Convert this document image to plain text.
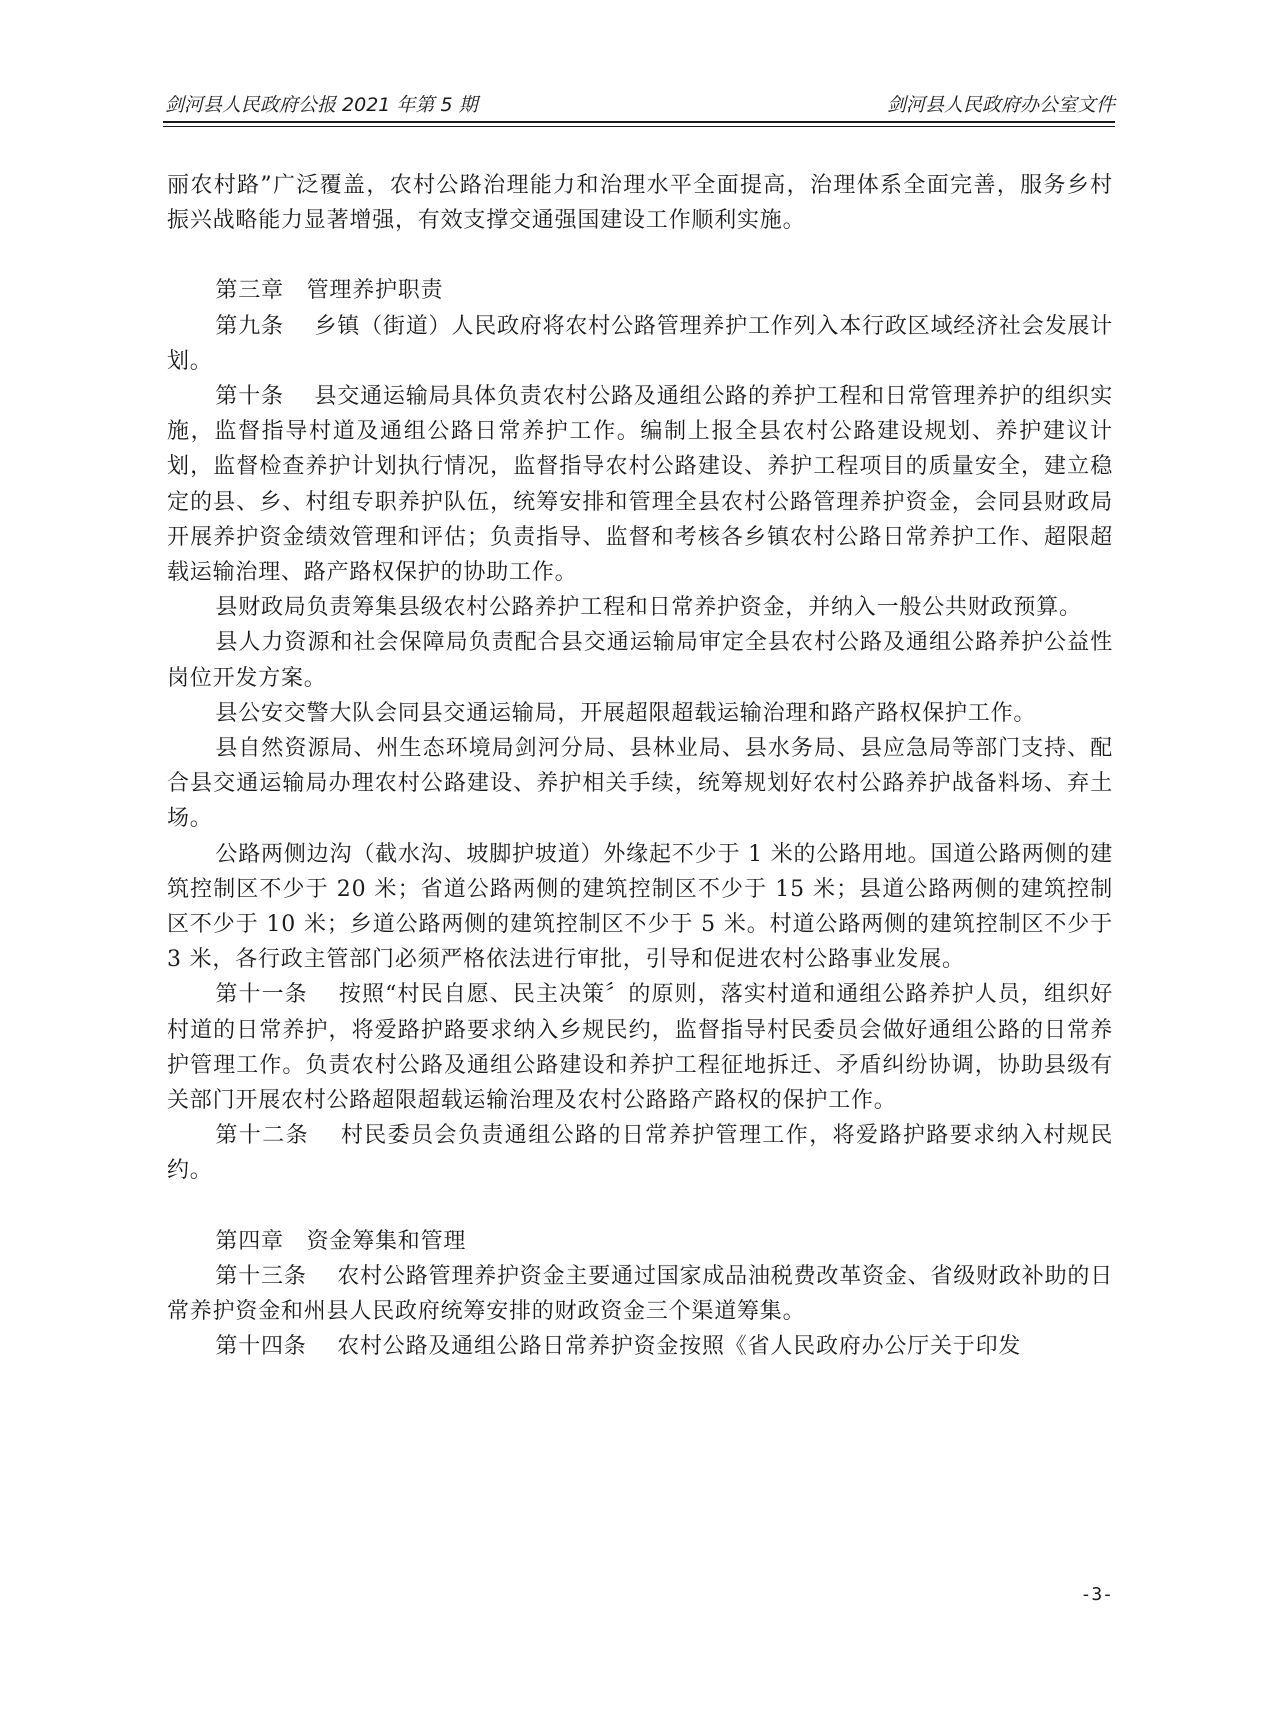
剑河县人民政府公报 2021 年第 5 期	剑河县人民政府办公室文件

丽农村路”广泛覆盖，农村公路治理能力和治理水平全面提高，治理体系全面完善，服务乡村振兴战略能力显著增强，有效支撑交通强国建设工作顺利实施。

第三章　管理养护职责

第九条　 乡镇（街道）人民政府将农村公路管理养护工作列入本行政区域经济社会发展计划。

第十条　 县交通运输局具体负责农村公路及通组公路的养护工程和日常管理养护的组织实施，监督指导村道及通组公路日常养护工作。编制上报全县农村公路建设规划、养护建议计划，监督检查养护计划执行情况，监督指导农村公路建设、养护工程项目的质量安全，建立稳定的县、乡、村组专职养护队伍，统筹安排和管理全县农村公路管理养护资金，会同县财政局开展养护资金绩效管理和评估；负责指导、监督和考核各乡镇农村公路日常养护工作、超限超载运输治理、路产路权保护的协助工作。

县财政局负责筹集县级农村公路养护工程和日常养护资金，并纳入一般公共财政预算。

县人力资源和社会保障局负责配合县交通运输局审定全县农村公路及通组公路养护公益性岗位开发方案。

县公安交警大队会同县交通运输局，开展超限超载运输治理和路产路权保护工作。

县自然资源局、州生态环境局剑河分局、县林业局、县水务局、县应急局等部门支持、配合县交通运输局办理农村公路建设、养护相关手续，统筹规划好农村公路养护战备料场、弃土场。

公路两侧边沟（截水沟、坡脚护坡道）外缘起不少于 1 米的公路用地。国道公路两侧的建筑控制区不少于 20 米；省道公路两侧的建筑控制区不少于 15 米；县道公路两侧的建筑控制区不少于 10 米；乡道公路两侧的建筑控制区不少于 5 米。村道公路两侧的建筑控制区不少于 3 米，各行政主管部门必须严格依法进行审批，引导和促进农村公路事业发展。

第十一条　 按照“村民自愿、民主决策〞的原则，落实村道和通组公路养护人员，组织好村道的日常养护，将爱路护路要求纳入乡规民约，监督指导村民委员会做好通组公路的日常养护管理工作。负责农村公路及通组公路建设和养护工程征地拆迁、矛盾纠纷协调，协助县级有关部门开展农村公路超限超载运输治理及农村公路路产路权的保护工作。

第十二条　 村民委员会负责通组公路的日常养护管理工作，将爱路护路要求纳入村规民约。

第四章　资金筹集和管理

第十三条　 农村公路管理养护资金主要通过国家成品油税费改革资金、省级财政补助的日常养护资金和州县人民政府统筹安排的财政资金三个渠道筹集。

第十四条　 农村公路及通组公路日常养护资金按照《省人民政府办公厅关于印发

-3-
